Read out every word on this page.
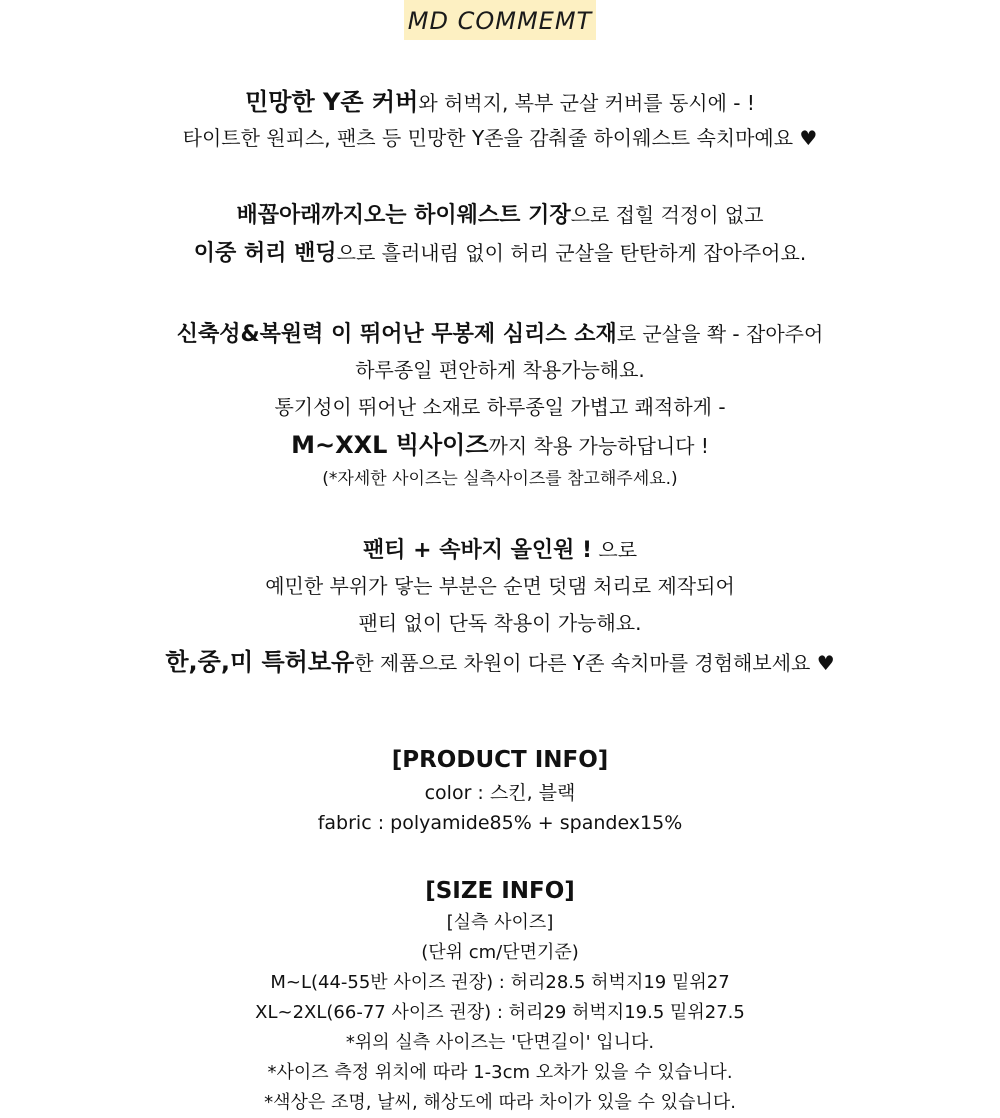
MD COMMEMT
민망한 Y존 커버와 허벅지, 복부 군살 커버를 동시에 - !
타이트한 원피스, 팬츠 등 민망한 Y존을 감춰줄 하이웨스트 속치마예요 ♥
배꼽아래까지오는 하이웨스트 기장으로 접힐 걱정이 없고
이중 허리 밴딩으로 흘러내림 없이 허리 군살을 탄탄하게 잡아주어요.
신축성&복원력 이 뛰어난 무봉제 심리스 소재로 군살을 쫙 - 잡아주어
하루종일 편안하게 착용가능해요.
통기성이 뛰어난 소재로 하루종일 가볍고 쾌적하게 -
M~XXL 빅사이즈까지 착용 가능하답니다 !
(*자세한 사이즈는 실측사이즈를 참고해주세요.)
팬티 + 속바지 올인원 ! 으로
예민한 부위가 닿는 부분은 순면 덧댐 처리로 제작되어
팬티 없이 단독 착용이 가능해요.
한,중,미 특허보유한 제품으로 차원이 다른 Y존 속치마를 경험해보세요 ♥
[PRODUCT INFO]
color : 스킨, 블랙
fabric : polyamide85% + spandex15%
[SIZE INFO]
[실측 사이즈]
(단위 cm/단면기준)
M~L(44-55반 사이즈 권장) : 허리28.5 허벅지19 밑위27
XL~2XL(66-77 사이즈 권장) : 허리29 허벅지19.5 밑위27.5
*위의 실측 사이즈는 '단면길이' 입니다.
*사이즈 측정 위치에 따라 1-3cm 오차가 있을 수 있습니다.
*색상은 조명, 날씨, 해상도에 따라 차이가 있을 수 있습니다.
